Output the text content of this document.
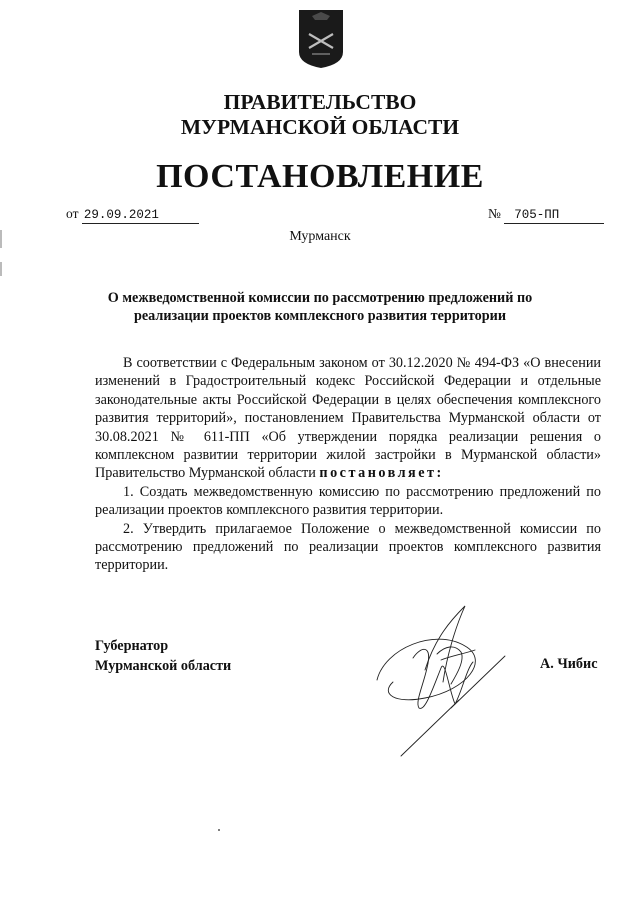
ПРАВИТЕЛЬСТВО
МУРМАНСКОЙ ОБЛАСТИ
ПОСТАНОВЛЕНИЕ
от 29.09.2021	№ 705-ПП
Мурманск
О межведомственной комиссии по рассмотрению предложений по реализации проектов комплексного развития территории

В соответствии с Федеральным законом от 30.12.2020 № 494-ФЗ «О внесении изменений в Градостроительный кодекс Российской Федерации и отдельные законодательные акты Российской Федерации в целях обеспечения комплексного развития территорий», постановлением Правительства Мурманской области от 30.08.2021 № 611-ПП «Об утверждении порядка реализации решения о комплексном развитии территории жилой застройки в Мурманской области» Правительство Мурманской области постановляет:

1. Создать межведомственную комиссию по рассмотрению предложений по реализации проектов комплексного развития территории.

2. Утвердить прилагаемое Положение о межведомственной комиссии по рассмотрению предложений по реализации проектов комплексного развития территории.

Губернатор
Мурманской области	А. Чибис
